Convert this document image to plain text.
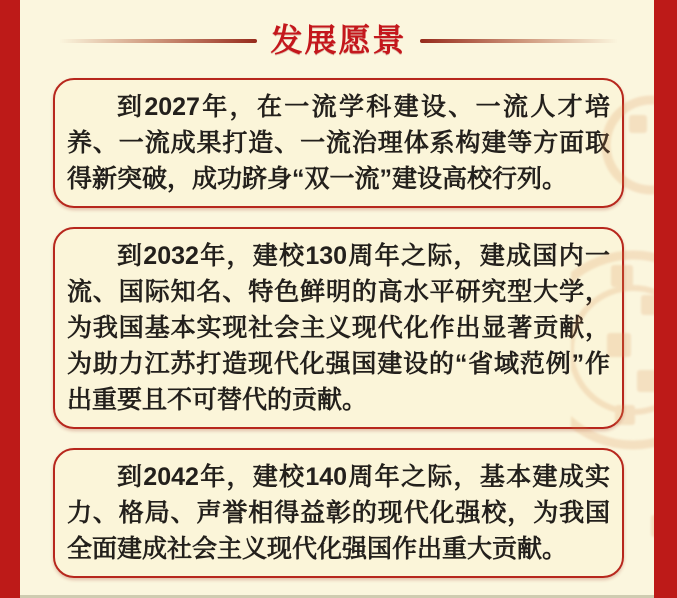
发展愿景

到2027年，在一流学科建设、一流人才培养、一流成果打造、一流治理体系构建等方面取得新突破，成功跻身“双一流”建设高校行列。

到2032年，建校130周年之际，建成国内一流、国际知名、特色鲜明的高水平研究型大学，为我国基本实现社会主义现代化作出显著贡献，为助力江苏打造现代化强国建设的“省域范例”作出重要且不可替代的贡献。

到2042年，建校140周年之际，基本建成实力、格局、声誉相得益彰的现代化强校，为我国全面建成社会主义现代化强国作出重大贡献。
